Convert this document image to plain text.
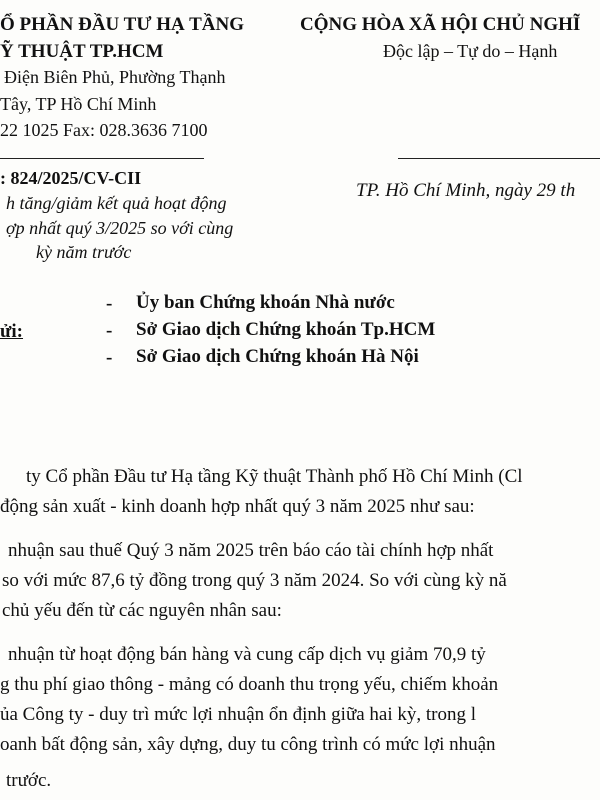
Ổ PHẦN ĐẦU TƯ HẠ TẦNG
Ỹ THUẬT TP.HCM
Điện Biên Phủ, Phường Thạnh
Tây, TP Hồ Chí Minh
22 1025 Fax: 028.3636 7100
CỘNG HÒA XÃ HỘI CHỦ NGHĨ
Độc lập – Tự do – Hạnh
: 824/2025/CV-CII
h tăng/giảm kết quả hoạt động
ợp nhất quý 3/2025 so với cùng
kỳ năm trước
TP. Hồ Chí Minh, ngày 29 th
ửi:
- Ủy ban Chứng khoán Nhà nước
- Sở Giao dịch Chứng khoán Tp.HCM
- Sở Giao dịch Chứng khoán Hà Nội
ty Cổ phần Đầu tư Hạ tầng Kỹ thuật Thành phố Hồ Chí Minh (Cl
động sản xuất - kinh doanh hợp nhất quý 3 năm 2025 như sau:
nhuận sau thuế Quý 3 năm 2025 trên báo cáo tài chính hợp nhất
so với mức 87,6 tỷ đồng trong quý 3 năm 2024. So với cùng kỳ nă
chủ yếu đến từ các nguyên nhân sau:
nhuận từ hoạt động bán hàng và cung cấp dịch vụ giảm 70,9 tỷ
g thu phí giao thông - mảng có doanh thu trọng yếu, chiếm khoản
ủa Công ty - duy trì mức lợi nhuận ổn định giữa hai kỳ, trong l
oanh bất động sản, xây dựng, duy tu công trình có mức lợi nhuận
trước.
